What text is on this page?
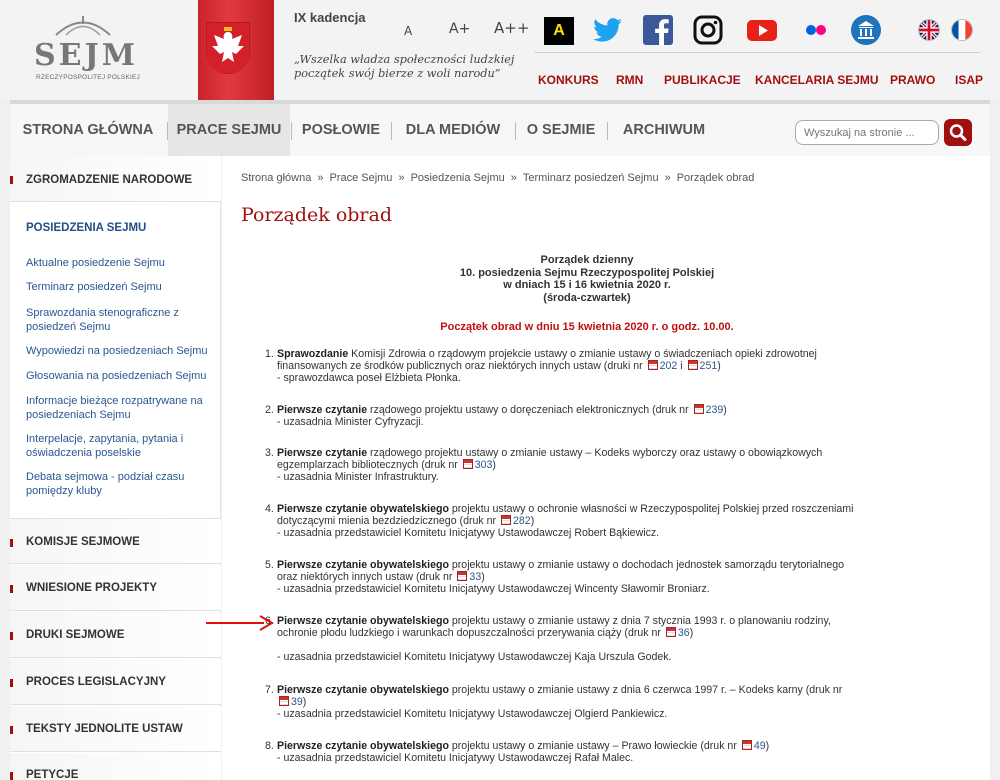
SEJM
RZECZYPOSPOLITEJ POLSKIEJ
IX kadencja
„Wszelka władza społeczności ludzkiej początek swój bierze z woli narodu”
A	A+ A++	A
KONKURS RMN PUBLIKACJE KANCELARIA SEJMU PRAWO ISAP
STRONA GŁÓWNA	PRACE SEJMU	POSŁOWIE	DLA MEDIÓW	O SEJMIE	ARCHIWUM
Wyszukaj na stronie ...
ZGROMADZENIE NARODOWE
POSIEDZENIA SEJMU
Aktualne posiedzenie Sejmu
Terminarz posiedzeń Sejmu
Sprawozdania stenograficzne z posiedzeń Sejmu
Wypowiedzi na posiedzeniach Sejmu
Głosowania na posiedzeniach Sejmu
Informacje bieżące rozpatrywane na posiedzeniach Sejmu
Interpelacje, zapytania, pytania i oświadczenia poselskie
Debata sejmowa - podział czasu pomiędzy kluby
KOMISJE SEJMOWE
WNIESIONE PROJEKTY
DRUKI SEJMOWE
PROCES LEGISLACYJNY
TEKSTY JEDNOLITE USTAW
PETYCJE
Strona główna » Prace Sejmu » Posiedzenia Sejmu » Terminarz posiedzeń Sejmu » Porządek obrad
Porządek obrad
Porządek dzienny
10. posiedzenia Sejmu Rzeczypospolitej Polskiej
w dniach 15 i 16 kwietnia 2020 r.
(środa-czwartek)
Początek obrad w dniu 15 kwietnia 2020 r. o godz. 10.00.
1. Sprawozdanie Komisji Zdrowia o rządowym projekcie ustawy o zmianie ustawy o świadczeniach opieki zdrowotnej
finansowanych ze środków publicznych oraz niektórych innych ustaw (druki nr 202 i 251)
- sprawozdawca poseł Elżbieta Płonka.
2. Pierwsze czytanie rządowego projektu ustawy o doręczeniach elektronicznych (druk nr 239)
- uzasadnia Minister Cyfryzacji.
3. Pierwsze czytanie rządowego projektu ustawy o zmianie ustawy – Kodeks wyborczy oraz ustawy o obowiązkowych
egzemplarzach bibliotecznych (druk nr 303)
- uzasadnia Minister Infrastruktury.
4. Pierwsze czytanie obywatelskiego projektu ustawy o ochronie własności w Rzeczypospolitej Polskiej przed roszczeniami
dotyczącymi mienia bezdziedzicznego (druk nr 282)
- uzasadnia przedstawiciel Komitetu Inicjatywy Ustawodawczej Robert Bąkiewicz.
5. Pierwsze czytanie obywatelskiego projektu ustawy o zmianie ustawy o dochodach jednostek samorządu terytorialnego
oraz niektórych innych ustaw (druk nr 33)
- uzasadnia przedstawiciel Komitetu Inicjatywy Ustawodawczej Wincenty Sławomir Broniarz.
6. Pierwsze czytanie obywatelskiego projektu ustawy o zmianie ustawy z dnia 7 stycznia 1993 r. o planowaniu rodziny,
ochronie płodu ludzkiego i warunkach dopuszczalności przerywania ciąży (druk nr 36)

- uzasadnia przedstawiciel Komitetu Inicjatywy Ustawodawczej Kaja Urszula Godek.
7. Pierwsze czytanie obywatelskiego projektu ustawy o zmianie ustawy z dnia 6 czerwca 1997 r. – Kodeks karny (druk nr
39)
- uzasadnia przedstawiciel Komitetu Inicjatywy Ustawodawczej Olgierd Pankiewicz.
8. Pierwsze czytanie obywatelskiego projektu ustawy o zmianie ustawy – Prawo łowieckie (druk nr 49)
- uzasadnia przedstawiciel Komitetu Inicjatywy Ustawodawczej Rafał Malec.
